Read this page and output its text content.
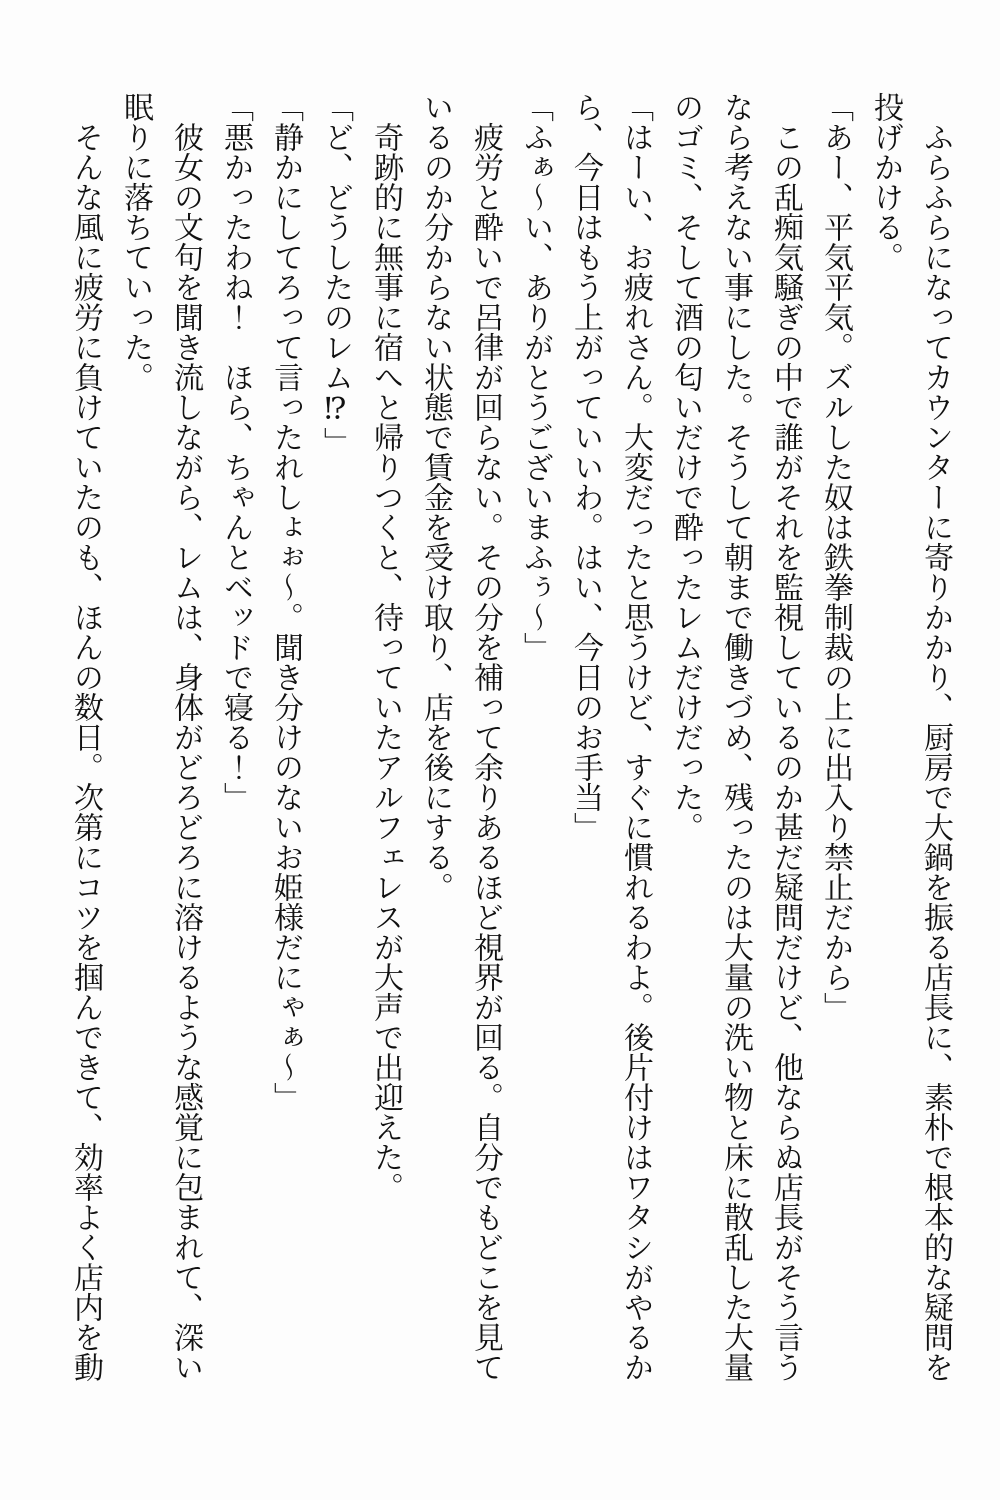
ふらふらになってカウンターに寄りかかり、厨房で大鍋を振る店長に、素朴で根本的な疑問を投げかける。

「あー、平気平気。ズルした奴は鉄拳制裁の上に出入り禁止だから」

この乱痴気騒ぎの中で誰がそれを監視しているのか甚だ疑問だけど、他ならぬ店長がそう言うなら考えない事にした。そうして朝まで働きづめ、残ったのは大量の洗い物と床に散乱した大量のゴミ、そして酒の匂いだけで酔ったレムだけだった。

「はーい、お疲れさん。大変だったと思うけど、すぐに慣れるわよ。後片付けはワタシがやるから、今日はもう上がっていいわ。はい、今日のお手当」

「ふぁ～い、ありがとうございまふぅ～」

疲労と酔いで呂律が回らない。その分を補って余りあるほど視界が回る。自分でもどこを見ているのか分からない状態で賃金を受け取り、店を後にする。

奇跡的に無事に宿へと帰りつくと、待っていたアルフェレスが大声で出迎えた。

「ど、どうしたのレム⁉」

「静かにしてろって言ったれしょぉ～。聞き分けのないお姫様だにゃぁ～」

「悪かったわね！　ほら、ちゃんとベッドで寝る！」

彼女の文句を聞き流しながら、レムは、身体がどろどろに溶けるような感覚に包まれて、深い眠りに落ちていった。

そんな風に疲労に負けていたのも、ほんの数日。次第にコツを掴んできて、効率よく店内を動
